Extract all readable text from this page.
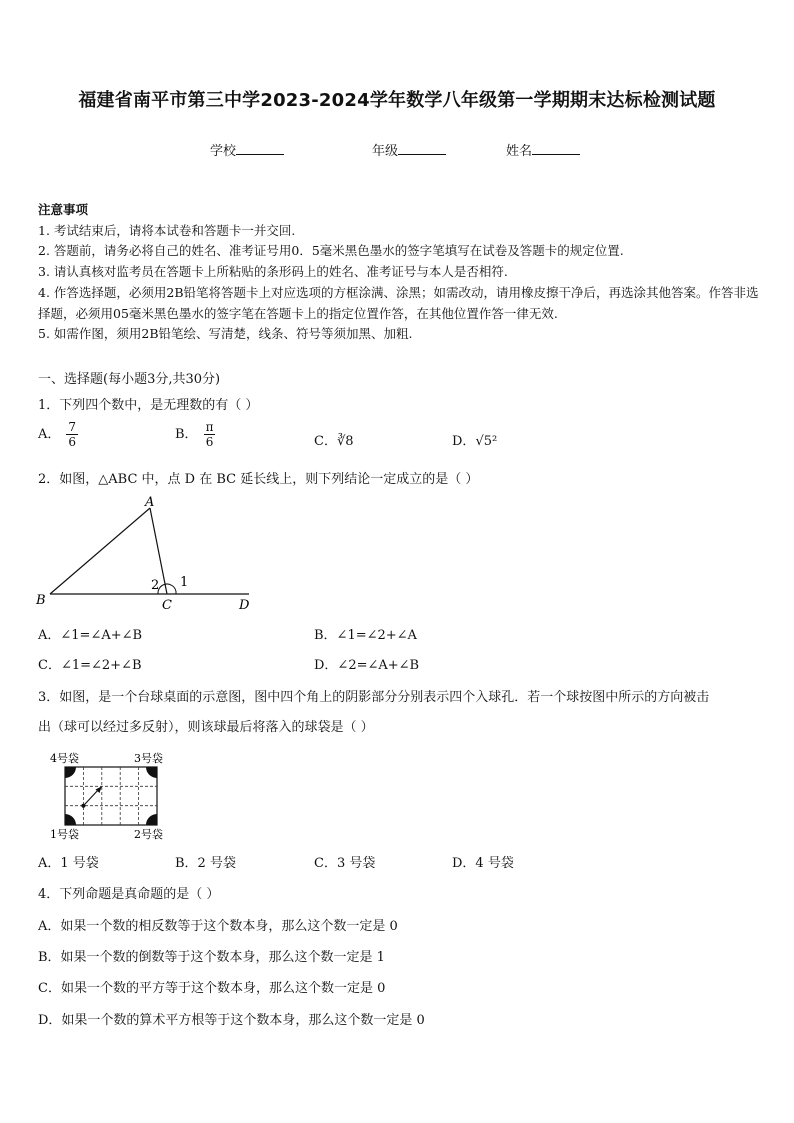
福建省南平市第三中学2023-2024学年数学八年级第一学期期末达标检测试题
学校	年级	姓名
注意事项
1. 考试结束后，请将本试卷和答题卡一并交回.
2. 答题前，请务必将自己的姓名、准考证号用0．5毫米黑色墨水的签字笔填写在试卷及答题卡的规定位置.
3. 请认真核对监考员在答题卡上所粘贴的条形码上的姓名、准考证号与本人是否相符.
4. 作答选择题，必须用2B铅笔将答题卡上对应选项的方框涂满、涂黑；如需改动，请用橡皮擦干净后，再选涂其他答案。作答非选择题，必须用05毫米黑色墨水的签字笔在答题卡上的指定位置作答，在其他位置作答一律无效.
5. 如需作图，须用2B铅笔绘、写清楚，线条、符号等须加黑、加粗.
一、选择题(每小题3分,共30分)
1．下列四个数中，是无理数的有（ ）
A． $\frac{7}{6}$	B． $\frac{\pi}{6}$	C．∛8	D．√5²
2．如图，△ABC 中，点 D 在 BC 延长线上，则下列结论一定成立的是（ ）
A
B	C	D
2 1
A．∠1=∠A+∠B	B．∠1=∠2+∠A
C．∠1=∠2+∠B	D．∠2=∠A+∠B
3．如图，是一个台球桌面的示意图，图中四个角上的阴影部分分别表示四个入球孔．若一个球按图中所示的方向被击
出（球可以经过多反射），则该球最后将落入的球袋是（ ）
4号袋	3号袋
1号袋	2号袋
A．1 号袋	B．2 号袋	C．3 号袋	D．4 号袋
4．下列命题是真命题的是（ ）
A．如果一个数的相反数等于这个数本身，那么这个数一定是 0
B．如果一个数的倒数等于这个数本身，那么这个数一定是 1
C．如果一个数的平方等于这个数本身，那么这个数一定是 0
D．如果一个数的算术平方根等于这个数本身，那么这个数一定是 0
